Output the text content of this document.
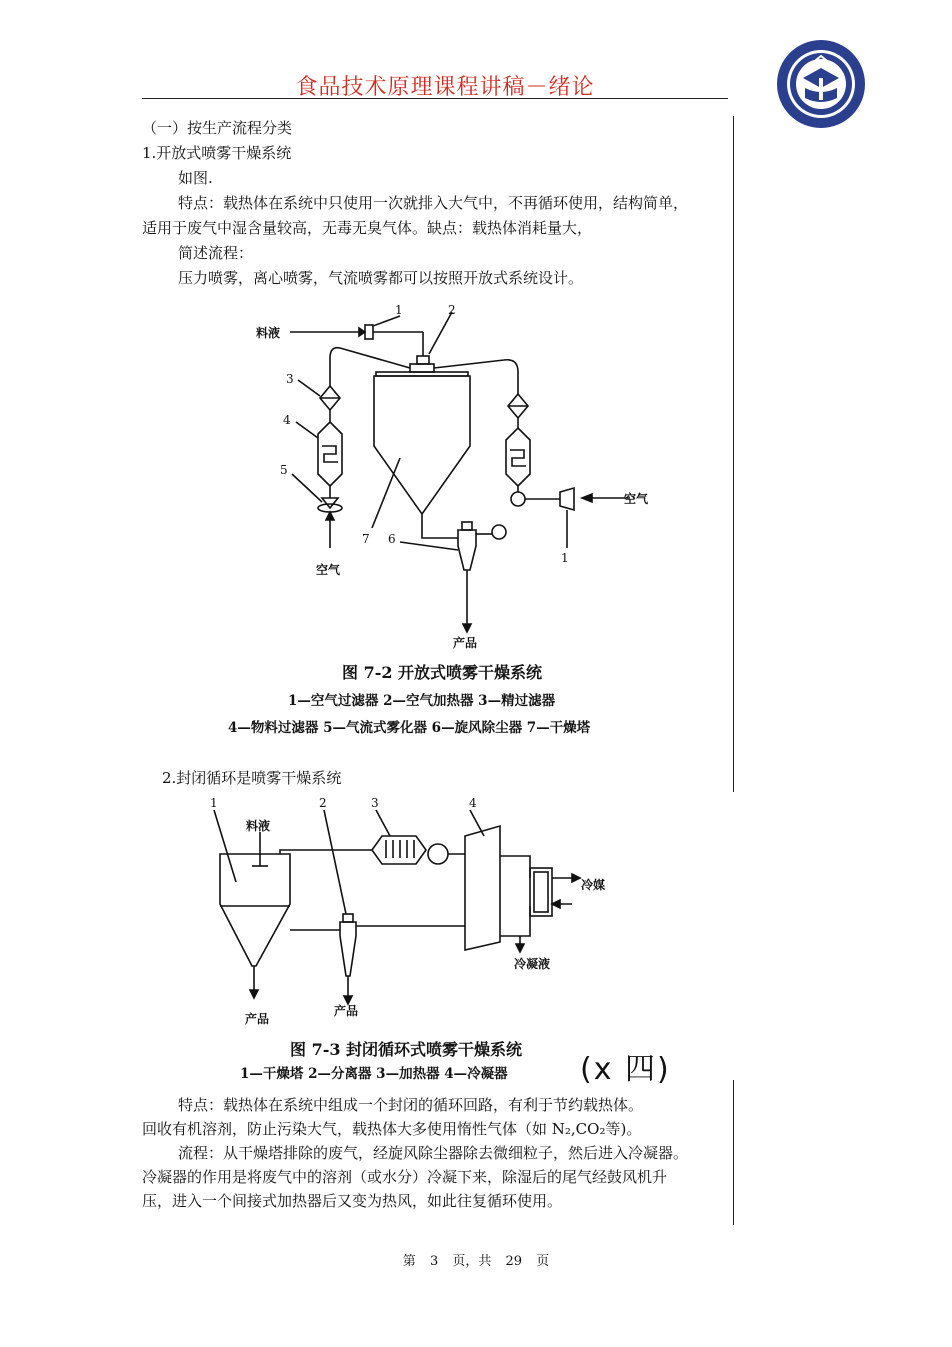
食品技术原理课程讲稿－绪论
（一）按生产流程分类
1.开放式喷雾干燥系统
如图.
特点：载热体在系统中只使用一次就排入大气中，不再循环使用，结构简单，
适用于废气中湿含量较高，无毒无臭气体。缺点：载热体消耗量大，
简述流程：
压力喷雾，离心喷雾，气流喷雾都可以按照开放式系统设计。
料液
1	2
3
4
5
7 6
1
空气
空气
产品
图 7-2 开放式喷雾干燥系统
1—空气过滤器 2—空气加热器 3—精过滤器
4—物料过滤器 5—气流式雾化器 6—旋风除尘器 7—干燥塔
2.封闭循环是喷雾干燥系统
1	2	3	4
料液
冷媒
冷凝液
产品
产品
图 7-3 封闭循环式喷雾干燥系统
1—干燥塔 2—分离器 3—加热器 4—冷凝器 (ⅹ 四)
特点：载热体在系统中组成一个封闭的循环回路，有利于节约载热体。
回收有机溶剂，防止污染大气，载热体大多使用惰性气体（如 N₂,CO₂等)。
流程：从干燥塔排除的废气，经旋风除尘器除去微细粒子，然后进入冷凝器。
冷凝器的作用是将废气中的溶剂（或水分）冷凝下来，除湿后的尾气经鼓风机升
压，进入一个间接式加热器后又变为热风，如此往复循环使用。
第 3 页，共 29 页
